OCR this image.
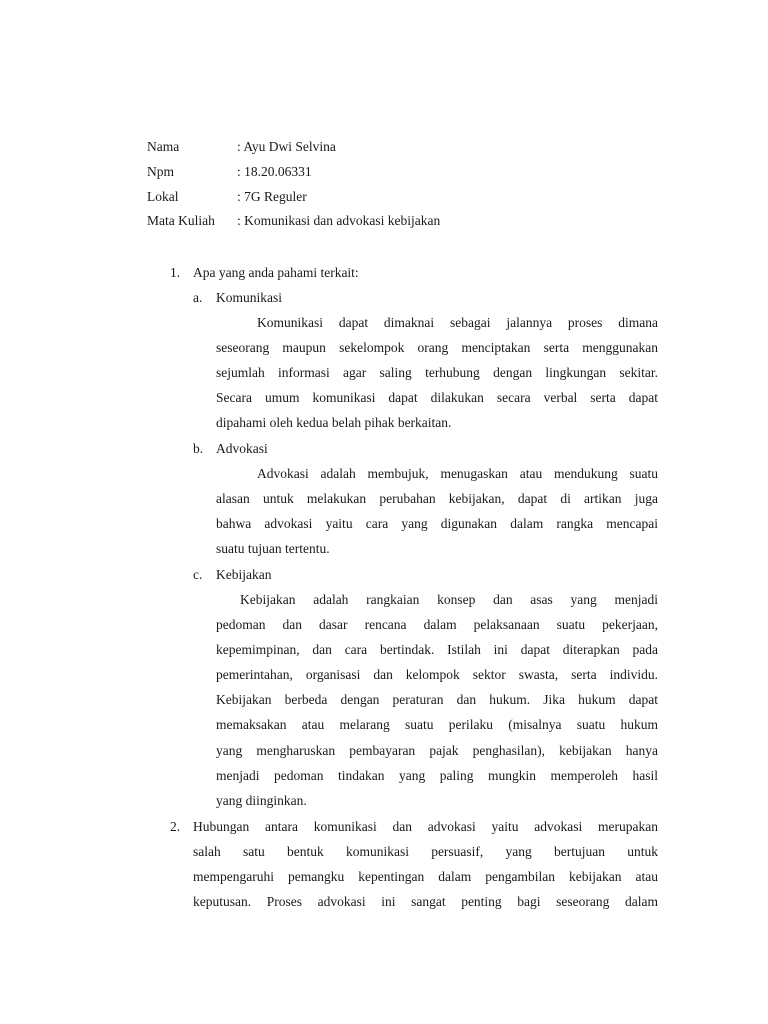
Nama	: Ayu Dwi Selvina
Npm	: 18.20.06331
Lokal	: 7G Reguler
Mata Kuliah : Komunikasi dan advokasi kebijakan
1. Apa yang anda pahami terkait:
a. Komunikasi
Komunikasi dapat dimaknai sebagai jalannya proses dimana
seseorang maupun sekelompok orang menciptakan serta menggunakan
sejumlah informasi agar saling terhubung dengan lingkungan sekitar.
Secara umum komunikasi dapat dilakukan secara verbal serta dapat
dipahami oleh kedua belah pihak berkaitan.
b. Advokasi
Advokasi adalah membujuk, menugaskan atau mendukung suatu
alasan untuk melakukan perubahan kebijakan, dapat di artikan juga
bahwa advokasi yaitu cara yang digunakan dalam rangka mencapai
suatu tujuan tertentu.
c. Kebijakan
Kebijakan adalah rangkaian konsep dan asas yang menjadi
pedoman dan dasar rencana dalam pelaksanaan suatu pekerjaan,
kepemimpinan, dan cara bertindak. Istilah ini dapat diterapkan pada
pemerintahan, organisasi dan kelompok sektor swasta, serta individu.
Kebijakan berbeda dengan peraturan dan hukum. Jika hukum dapat
memaksakan atau melarang suatu perilaku (misalnya suatu hukum
yang mengharuskan pembayaran pajak penghasilan), kebijakan hanya
menjadi pedoman tindakan yang paling mungkin memperoleh hasil
yang diinginkan.
2. Hubungan antara komunikasi dan advokasi yaitu advokasi merupakan
salah satu bentuk komunikasi persuasif, yang bertujuan untuk
mempengaruhi pemangku kepentingan dalam pengambilan kebijakan atau
keputusan. Proses advokasi ini sangat penting bagi seseorang dalam
